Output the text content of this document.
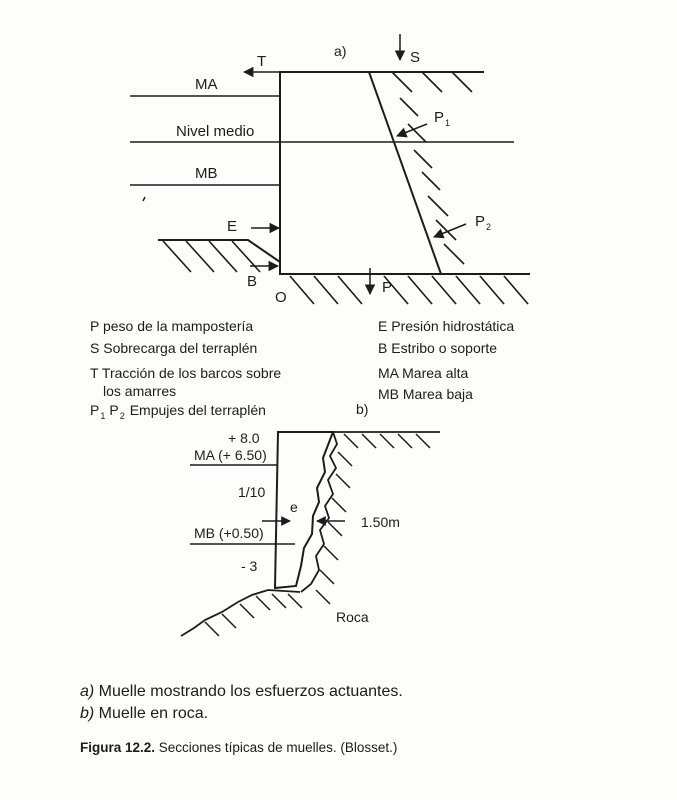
a)
T	S
MA
Nivel medio
MB
E
B
O
P
$P_1$
$P_2$
P peso de la mampostería
S Sobrecarga del terraplén
T Tracción de los barcos sobre
los amarres
$P_1$ $P_2$ Empujes del terraplén
E Presión hidrostática
B Estribo o soporte
MA Marea alta
MB Marea baja
b)
+ 8.0
MA (+ 6.50)
1/10
e
MB (+0.50)
1.50m
- 3
Roca

a) Muelle mostrando los esfuerzos actuantes.

b) Muelle en roca.

Figura 12.2. Secciones típicas de muelles. (Blosset.)
